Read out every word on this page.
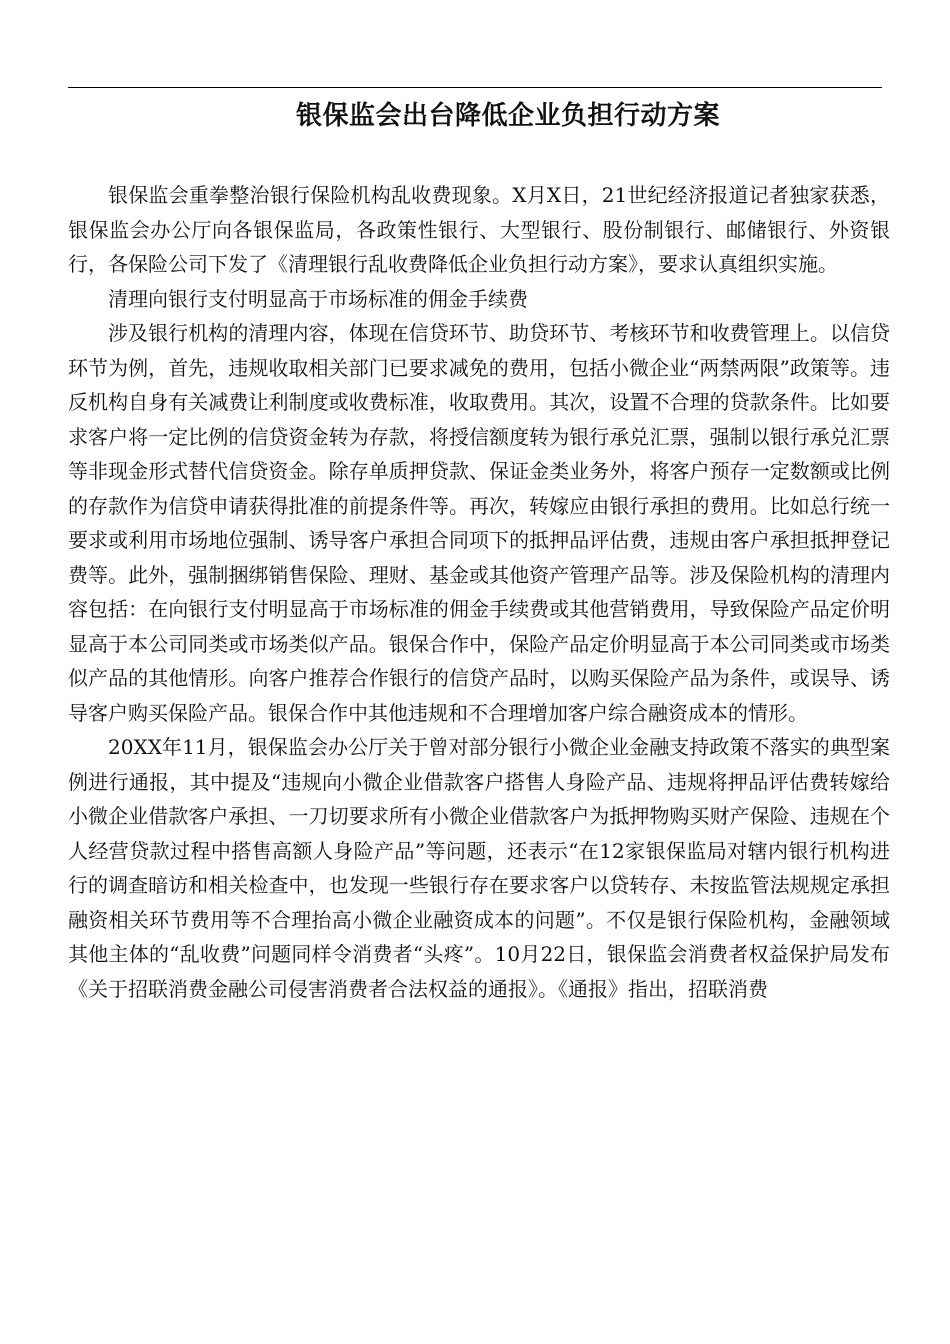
银保监会出台降低企业负担行动方案

银保监会重拳整治银行保险机构乱收费现象。X月X日，21世纪经济报道记者独家获悉，银保监会办公厅向各银保监局，各政策性银行、大型银行、股份制银行、邮储银行、外资银行，各保险公司下发了《清理银行乱收费降低企业负担行动方案》，要求认真组织实施。

清理向银行支付明显高于市场标准的佣金手续费

涉及银行机构的清理内容，体现在信贷环节、助贷环节、考核环节和收费管理上。以信贷环节为例，首先，违规收取相关部门已要求减免的费用，包括小微企业“两禁两限”政策等。违反机构自身有关减费让利制度或收费标准，收取费用。其次，设置不合理的贷款条件。比如要求客户将一定比例的信贷资金转为存款，将授信额度转为银行承兑汇票，强制以银行承兑汇票等非现金形式替代信贷资金。除存单质押贷款、保证金类业务外，将客户预存一定数额或比例的存款作为信贷申请获得批准的前提条件等。再次，转嫁应由银行承担的费用。比如总行统一要求或利用市场地位强制、诱导客户承担合同项下的抵押品评估费，违规由客户承担抵押登记费等。此外，强制捆绑销售保险、理财、基金或其他资产管理产品等。涉及保险机构的清理内容包括：在向银行支付明显高于市场标准的佣金手续费或其他营销费用，导致保险产品定价明显高于本公司同类或市场类似产品。银保合作中，保险产品定价明显高于本公司同类或市场类似产品的其他情形。向客户推荐合作银行的信贷产品时，以购买保险产品为条件，或误导、诱导客户购买保险产品。银保合作中其他违规和不合理增加客户综合融资成本的情形。

20XX年11月，银保监会办公厅关于曾对部分银行小微企业金融支持政策不落实的典型案例进行通报，其中提及“违规向小微企业借款客户搭售人身险产品、违规将押品评估费转嫁给小微企业借款客户承担、一刀切要求所有小微企业借款客户为抵押物购买财产保险、违规在个人经营贷款过程中搭售高额人身险产品”等问题，还表示“在12家银保监局对辖内银行机构进行的调查暗访和相关检查中，也发现一些银行存在要求客户以贷转存、未按监管法规规定承担融资相关环节费用等不合理抬高小微企业融资成本的问题”。不仅是银行保险机构，金融领域其他主体的“乱收费”问题同样令消费者“头疼”。10月22日，银保监会消费者权益保护局发布《关于招联消费金融公司侵害消费者合法权益的通报》。《通报》指出，招联消费
